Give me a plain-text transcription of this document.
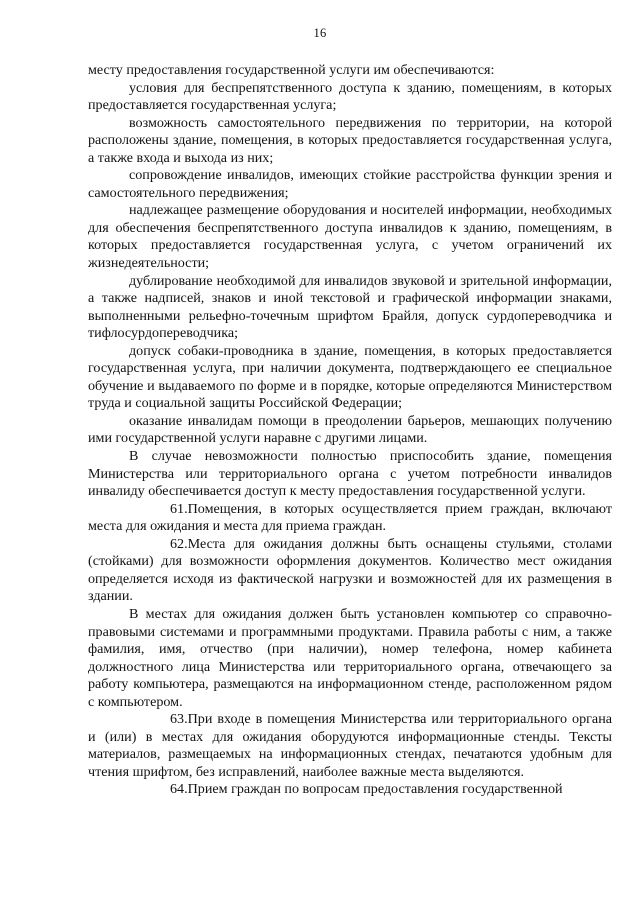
16

месту предоставления государственной услуги им обеспечиваются:

условия для беспрепятственного доступа к зданию, помещениям, в которых предоставляется государственная услуга;

возможность самостоятельного передвижения по территории, на которой расположены здание, помещения, в которых предоставляется государственная услуга, а также входа и выхода из них;

сопровождение инвалидов, имеющих стойкие расстройства функции зрения и самостоятельного передвижения;

надлежащее размещение оборудования и носителей информации, необходимых для обеспечения беспрепятственного доступа инвалидов к зданию, помещениям, в которых предоставляется государственная услуга, с учетом ограничений их жизнедеятельности;

дублирование необходимой для инвалидов звуковой и зрительной информации, а также надписей, знаков и иной текстовой и графической информации знаками, выполненными рельефно-точечным шрифтом Брайля, допуск сурдопереводчика и тифлосурдопереводчика;

допуск собаки-проводника в здание, помещения, в которых предоставляется государственная услуга, при наличии документа, подтверждающего ее специальное обучение и выдаваемого по форме и в порядке, которые определяются Министерством труда и социальной защиты Российской Федерации;

оказание инвалидам помощи в преодолении барьеров, мешающих получению ими государственной услуги наравне с другими лицами.

В случае невозможности полностью приспособить здание, помещения Министерства или территориального органа с учетом потребности инвалидов инвалиду обеспечивается доступ к месту предоставления государственной услуги.

61.Помещения, в которых осуществляется прием граждан, включают места для ожидания и места для приема граждан.

62.Места для ожидания должны быть оснащены стульями, столами (стойками) для возможности оформления документов. Количество мест ожидания определяется исходя из фактической нагрузки и возможностей для их размещения в здании.

В местах для ожидания должен быть установлен компьютер со справочно-правовыми системами и программными продуктами. Правила работы с ним, а также фамилия, имя, отчество (при наличии), номер телефона, номер кабинета должностного лица Министерства или территориального органа, отвечающего за работу компьютера, размещаются на информационном стенде, расположенном рядом с компьютером.

63.При входе в помещения Министерства или территориального органа и (или) в местах для ожидания оборудуются информационные стенды. Тексты материалов, размещаемых на информационных стендах, печатаются удобным для чтения шрифтом, без исправлений, наиболее важные места выделяются.

64.Прием граждан по вопросам предоставления государственной
